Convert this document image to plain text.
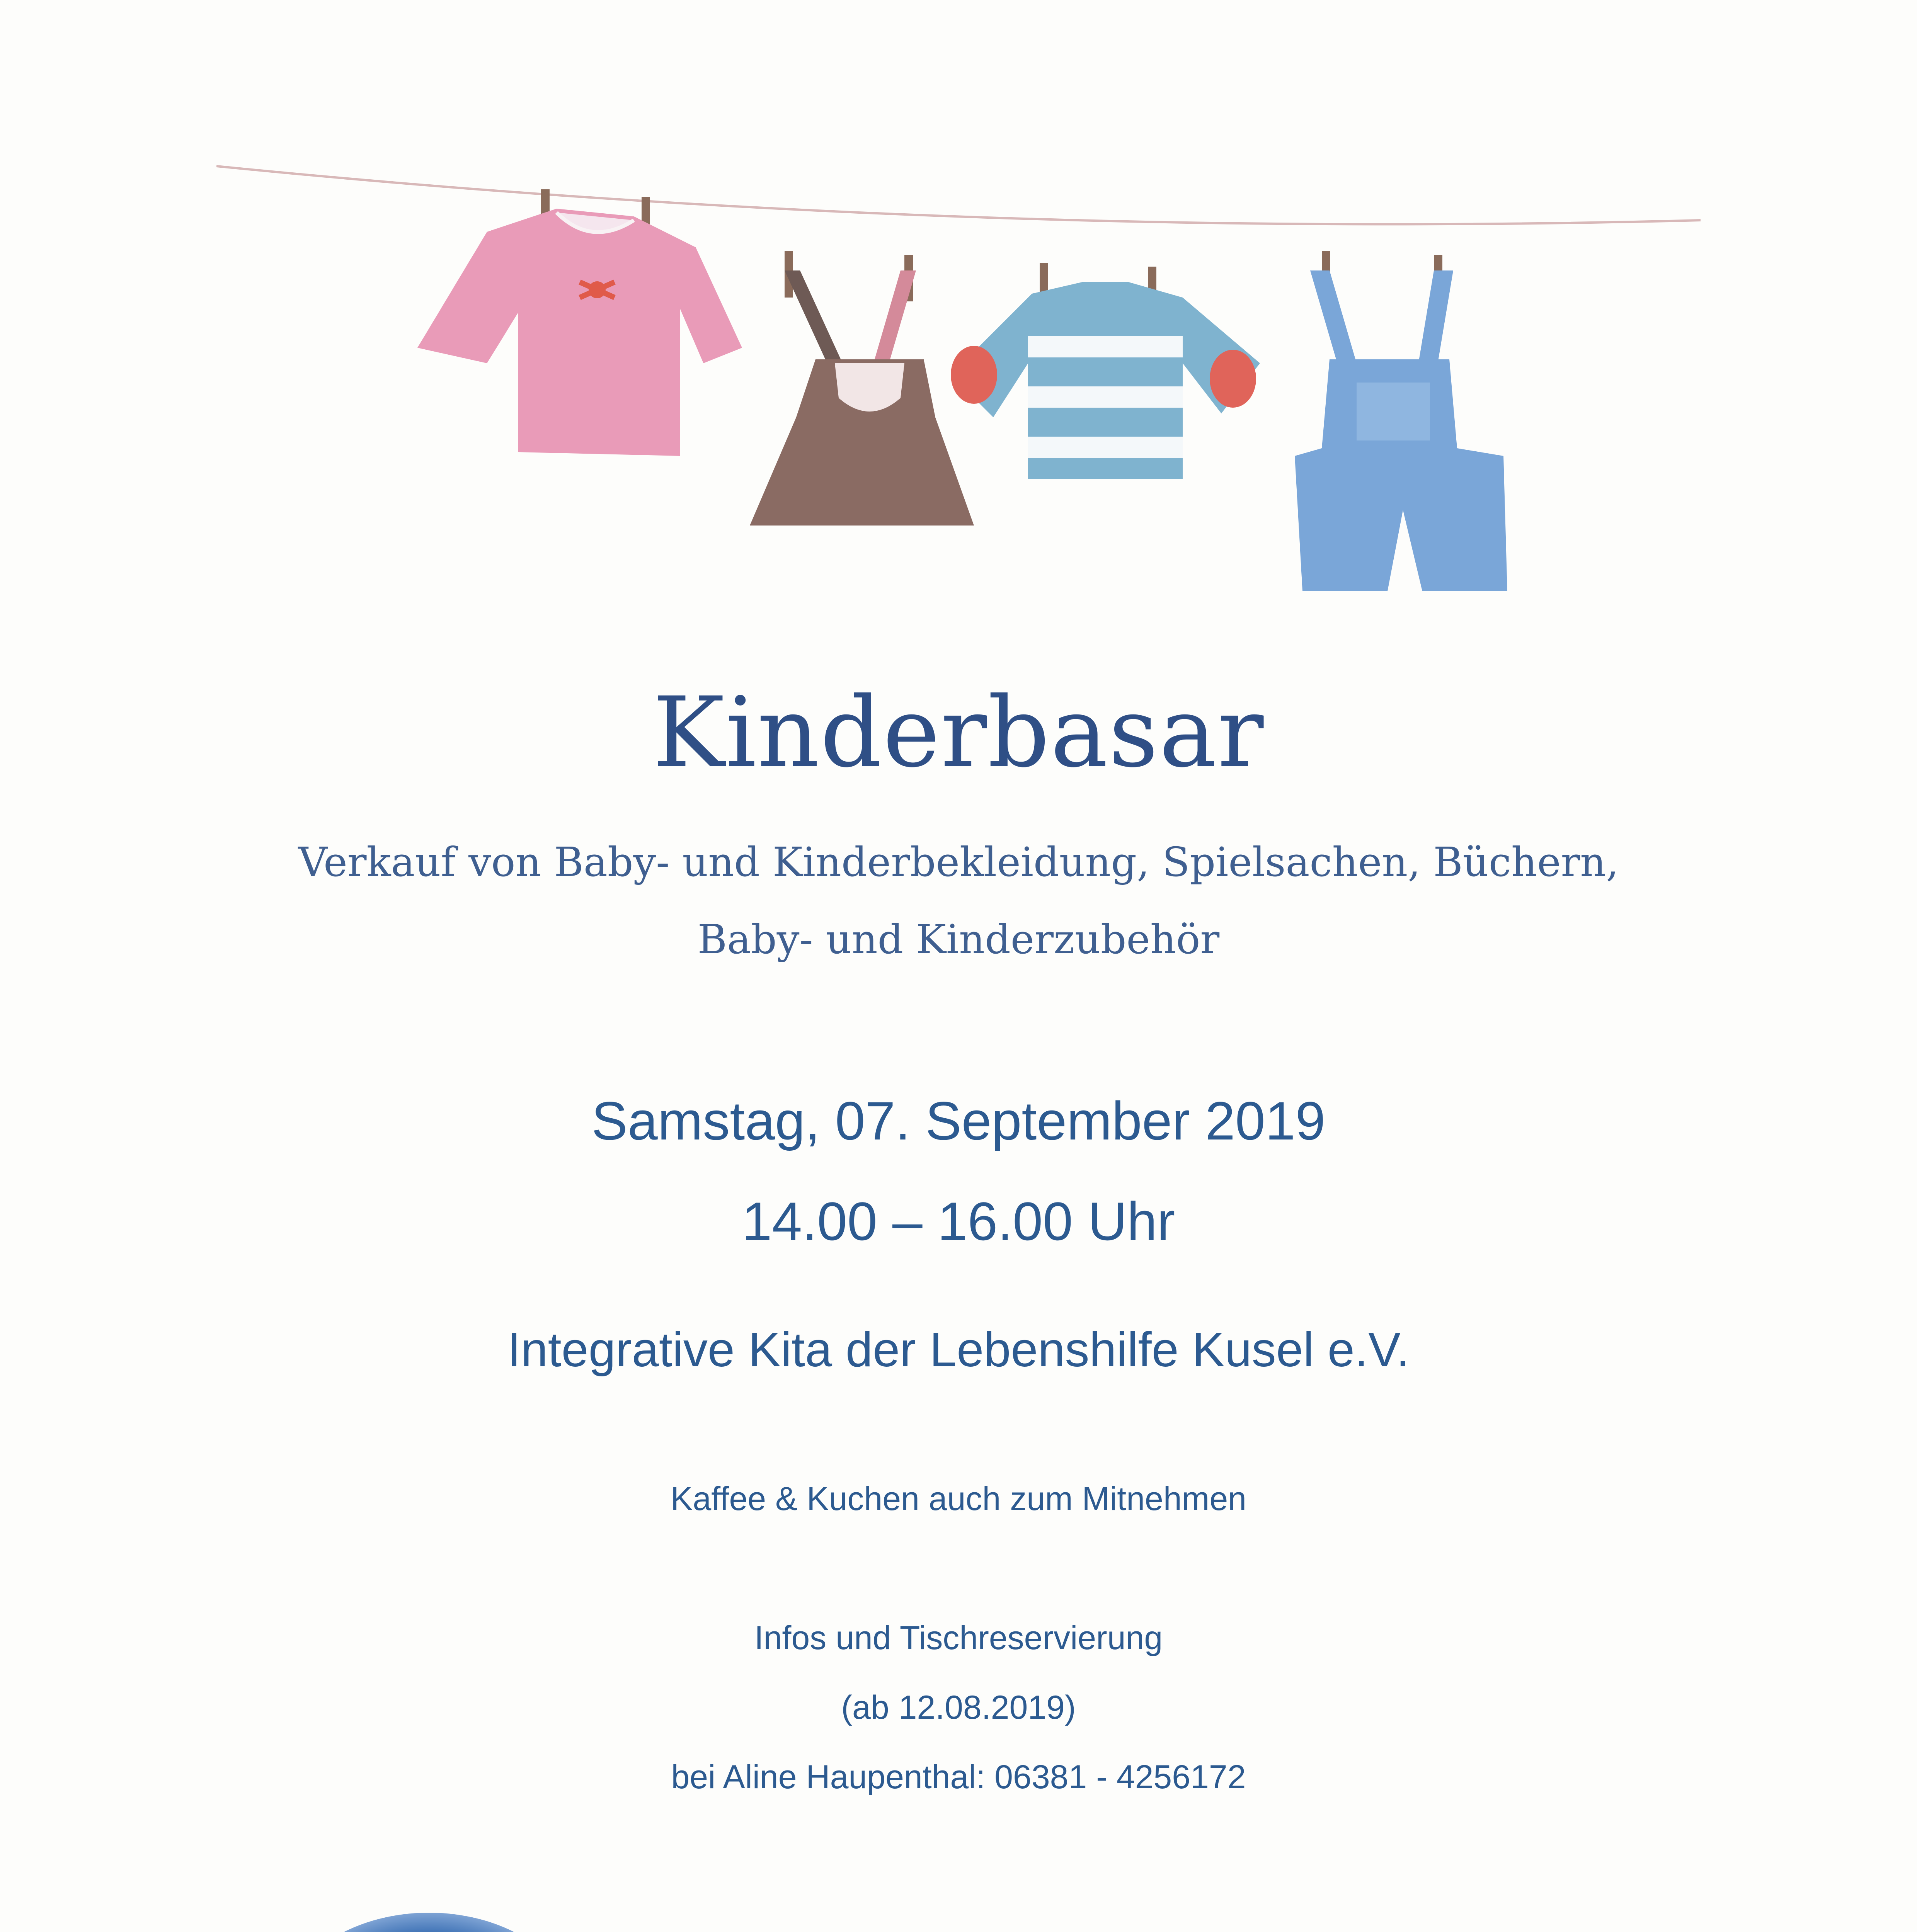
Kinderbasar
Verkauf von Baby- und Kinderbekleidung, Spielsachen, Büchern,
Baby- und Kinderzubehör
Samstag, 07. September 2019
14.00 – 16.00 Uhr
Integrative Kita der Lebenshilfe Kusel e.V.
Kaffee & Kuchen auch zum Mitnehmen
Infos und Tischreservierung
(ab 12.08.2019)
bei Aline Haupenthal: 06381 - 4256172
